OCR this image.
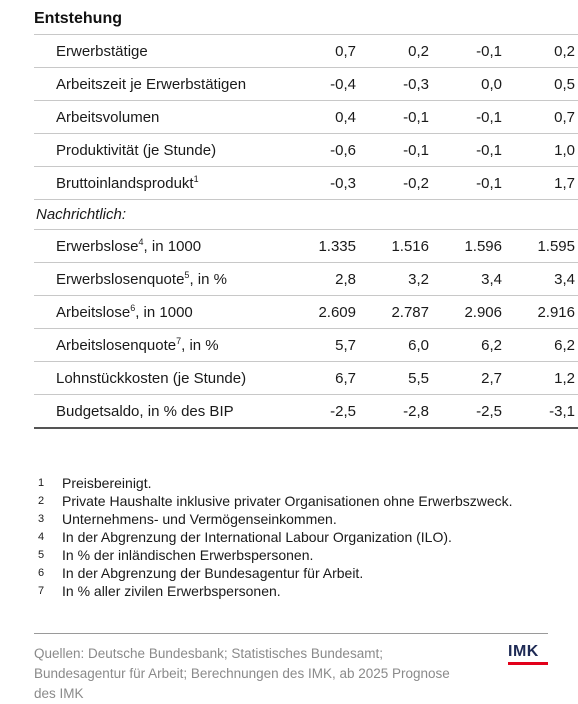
Entstehung
Erwerbstätige	0,7	0,2	-0,1	0,2
Arbeitszeit je Erwerbstätigen	-0,4	-0,3	0,0	0,5
Arbeitsvolumen	0,4	-0,1	-0,1	0,7
Produktivität (je Stunde)	-0,6	-0,1	-0,1	1,0
Bruttoinlandsprodukt$^1$	-0,3	-0,2	-0,1	1,7
Nachrichtlich:				
Erwerbslose$^4$, in 1000	1.335	1.516	1.596	1.595
Erwerbslosenquote$^5$, in %	2,8	3,2	3,4	3,4
Arbeitslose$^6$, in 1000	2.609	2.787	2.906	2.916
Arbeitslosenquote$^7$, in %	5,7	6,0	6,2	6,2
Lohnstückkosten (je Stunde)	6,7	5,5	2,7	1,2
Budgetsaldo, in % des BIP	-2,5	-2,8	-2,5	-3,1
1	Preisbereinigt.
2	Private Haushalte inklusive privater Organisationen ohne Erwerbszweck.
3	Unternehmens- und Vermögenseinkommen.
4	In der Abgrenzung der International Labour Organization (ILO).
5	In % der inländischen Erwerbspersonen.
6	In der Abgrenzung der Bundesagentur für Arbeit.
7	In % aller zivilen Erwerbspersonen.
Quellen: Deutsche Bundesbank; Statistisches Bundesamt; Bundesagentur für Arbeit; Berechnungen des IMK, ab 2025 Prognose des IMK
IMK
